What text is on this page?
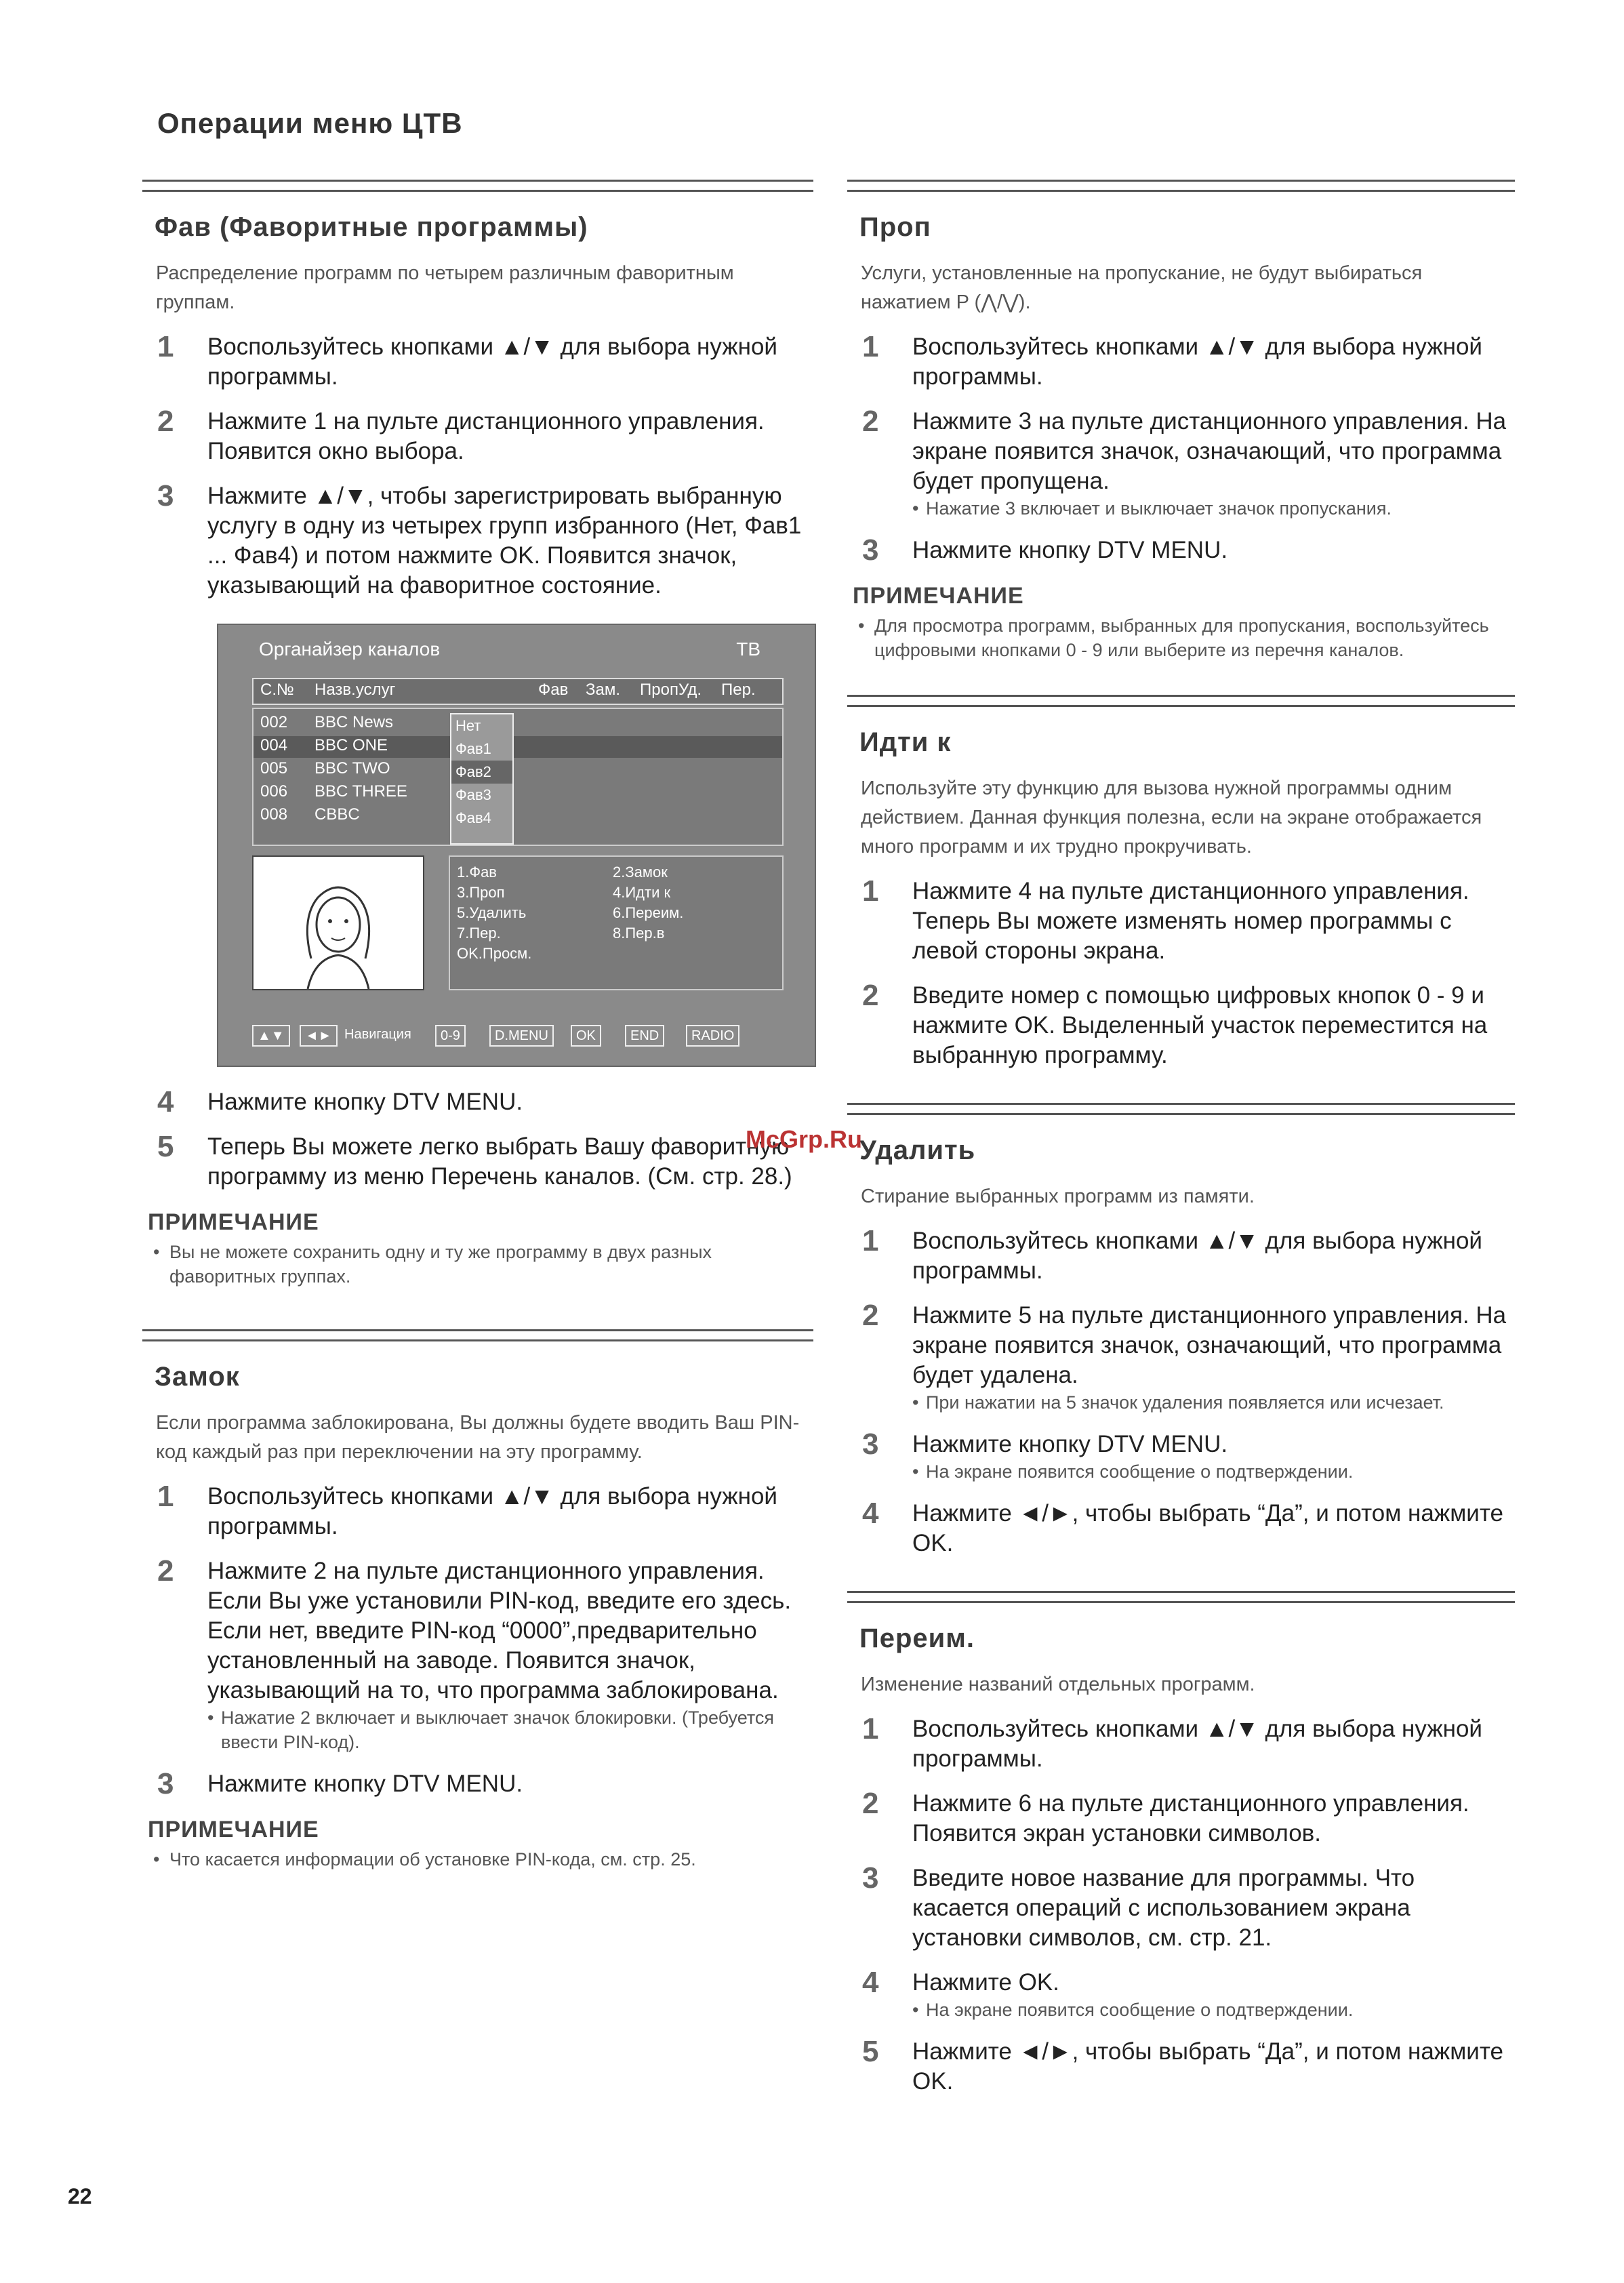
Операции меню ЦТВ
Фав (Фаворитные программы)
Распределение программ по четырем различным фаворитным группам.
1	Воспользуйтесь кнопками ▲/▼ для выбора нужной программы.
2	Нажмите 1 на пульте дистанционного управления. Появится окно выбора.
3	Нажмите ▲/▼, чтобы зарегистрировать выбранную услугу в одну из четырех групп избранного (Нет, Фав1 ... Фав4) и потом нажмите OK. Появится значок, указывающий на фаворитное состояние.
Органайзер каналов	ТВ
С.№ Назв.услуг	Фав Зам. ПропУд. Пер.
002 BBC News
004 BBC ONE
005 BBC TWO
006 BBC THREE
008 CBBC
Нет
Фав1
Фав2
Фав3
Фав4
1.Фав	2.Замок
3.Проп	4.Идти к
5.Удалить	6.Переим.
7.Пер.	8.Пер.в
OK.Просм.
▲▼	◄► Навигация	0-9	D.MENU	OK	END	RADIO
4	Нажмите кнопку DTV MENU.
5	Теперь Вы можете легко выбрать Вашу фаворитную программу из меню Перечень каналов. (См. стр. 28.)
ПРИМЕЧАНИЕ
• Вы не можете сохранить одну и ту же программу в двух разных фаворитных группах.
Замок
Если программа заблокирована, Вы должны будете вводить Ваш PIN-код каждый раз при переключении на эту программу.
1	Воспользуйтесь кнопками ▲/▼ для выбора нужной программы.
2	Нажмите 2 на пульте дистанционного управления. Если Вы уже установили PIN-код, введите его здесь. Если нет, введите PIN-код “0000”,предварительно установленный на заводе. Появится значок, указывающий на то, что программа заблокирована.
• Нажатие 2 включает и выключает значок блокировки. (Требуется ввести PIN-код).
3	Нажмите кнопку DTV MENU.
ПРИМЕЧАНИЕ
• Что касается информации об установке PIN-кода, см. стр. 25.
Проп
Услуги, установленные на пропускание, не будут выбираться нажатием P (⋀/⋁).
1	Воспользуйтесь кнопками ▲/▼ для выбора нужной программы.
2	Нажмите 3 на пульте дистанционного управления. На экране появится значок, означающий, что программа будет пропущена.
• Нажатие 3 включает и выключает значок пропускания.
3	Нажмите кнопку DTV MENU.
ПРИМЕЧАНИЕ
• Для просмотра программ, выбранных для пропускания, воспользуйтесь цифровыми кнопками 0 - 9 или выберите из перечня каналов.
Идти к
Используйте эту функцию для вызова нужной программы одним действием. Данная функция полезна, если на экране отображается много программ и их трудно прокручивать.
1	Нажмите 4 на пульте дистанционного управления. Теперь Вы можете изменять номер программы с левой стороны экрана.
2	Введите номер с помощью цифровых кнопок 0 - 9 и нажмите OK. Выделенный участок переместится на выбранную программу.
Удалить
Стирание выбранных программ из памяти.
1	Воспользуйтесь кнопками ▲/▼ для выбора нужной программы.
2	Нажмите 5 на пульте дистанционного управления. На экране появится значок, означающий, что программа будет удалена.
• При нажатии на 5 значок удаления появляется или исчезает.
3	Нажмите кнопку DTV MENU.
• На экране появится сообщение о подтверждении.
4	Нажмите ◄/►, чтобы выбрать “Да”, и потом нажмите OK.
Переим.
Изменение названий отдельных программ.
1	Воспользуйтесь кнопками ▲/▼ для выбора нужной программы.
2	Нажмите 6 на пульте дистанционного управления. Появится экран установки символов.
3	Введите новое название для программы. Что касается операций с использованием экрана установки символов, см. стр. 21.
4	Нажмите OK.
• На экране появится сообщение о подтверждении.
5	Нажмите ◄/►, чтобы выбрать “Да”, и потом нажмите OK.
McGrp.Ru
22
